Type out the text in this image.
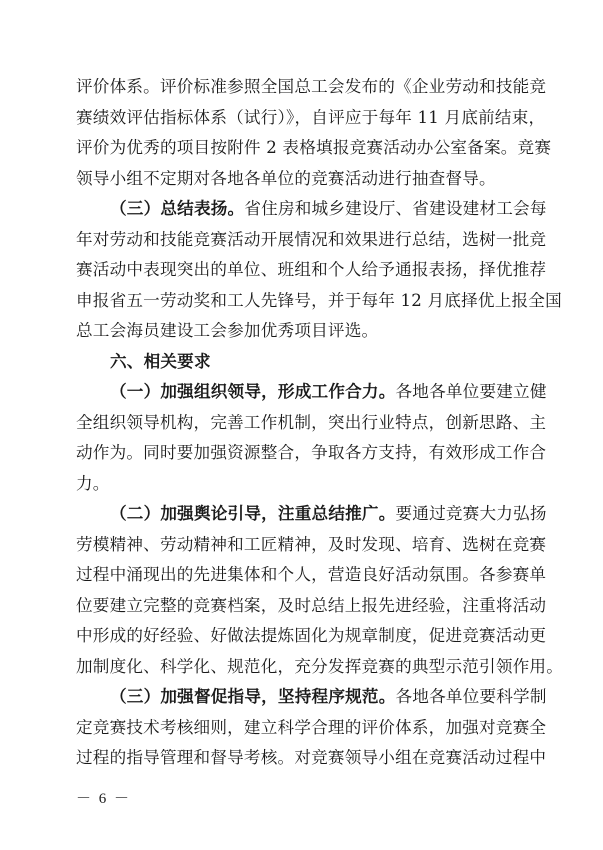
评价体系。评价标准参照全国总工会发布的《企业劳动和技能竞
赛绩效评估指标体系（试行）》，自评应于每年 11 月底前结束，
评价为优秀的项目按附件 2 表格填报竞赛活动办公室备案。竞赛
领导小组不定期对各地各单位的竞赛活动进行抽查督导。
（三）总结表扬。省住房和城乡建设厅、省建设建材工会每
年对劳动和技能竞赛活动开展情况和效果进行总结，选树一批竞
赛活动中表现突出的单位、班组和个人给予通报表扬，择优推荐
申报省五一劳动奖和工人先锋号，并于每年 12 月底择优上报全国
总工会海员建设工会参加优秀项目评选。
六、相关要求
（一）加强组织领导，形成工作合力。各地各单位要建立健
全组织领导机构，完善工作机制，突出行业特点，创新思路、主
动作为。同时要加强资源整合，争取各方支持，有效形成工作合
力。
（二）加强舆论引导，注重总结推广。要通过竞赛大力弘扬
劳模精神、劳动精神和工匠精神，及时发现、培育、选树在竞赛
过程中涌现出的先进集体和个人，营造良好活动氛围。各参赛单
位要建立完整的竞赛档案，及时总结上报先进经验，注重将活动
中形成的好经验、好做法提炼固化为规章制度，促进竞赛活动更
加制度化、科学化、规范化，充分发挥竞赛的典型示范引领作用。
（三）加强督促指导，坚持程序规范。各地各单位要科学制
定竞赛技术考核细则，建立科学合理的评价体系，加强对竞赛全
过程的指导管理和督导考核。对竞赛领导小组在竞赛活动过程中
－ 6 －
